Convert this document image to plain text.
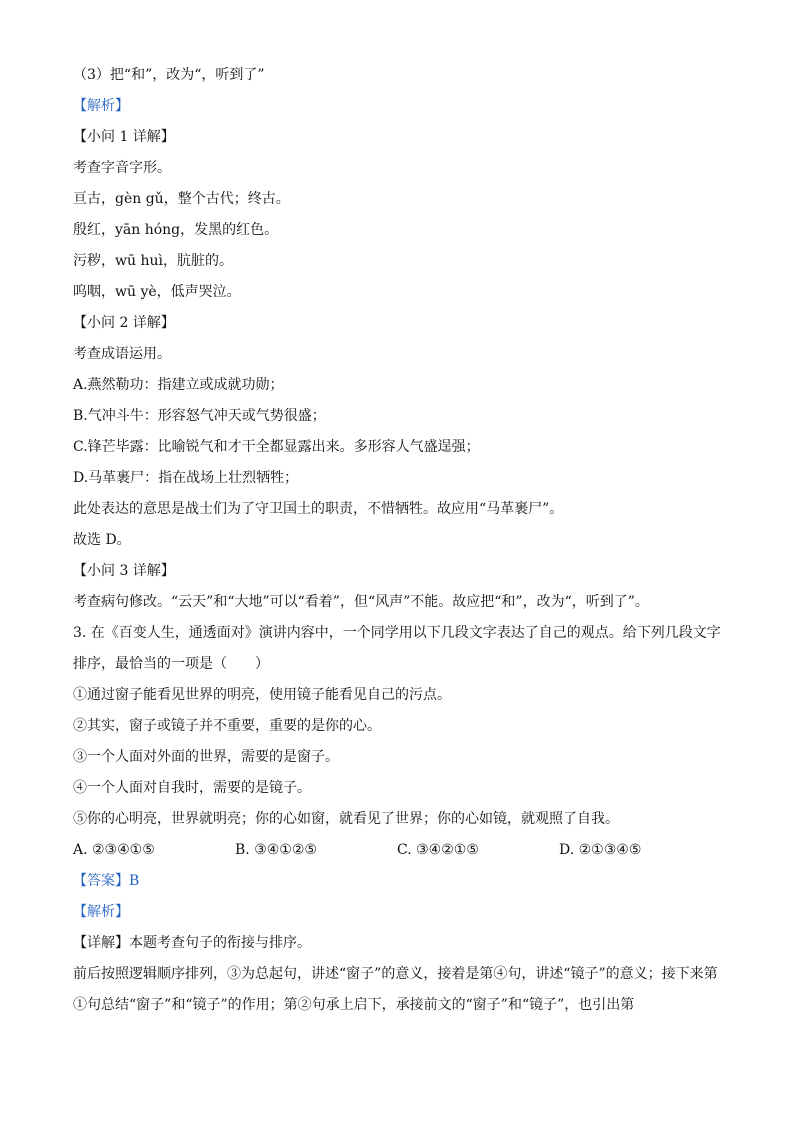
（3）把“和”，改为“，听到了”
【解析】
【小问 1 详解】
考查字音字形。
亘古，gèn gǔ，整个古代；终古。
殷红，yān hóng，发黑的红色。
污秽，wū huì，肮脏的。
呜咽，wū yè，低声哭泣。
【小问 2 详解】
考查成语运用。
A.燕然勒功：指建立或成就功勋；
B.气冲斗牛：形容怒气冲天或气势很盛；
C.锋芒毕露：比喻锐气和才干全都显露出来。多形容人气盛逞强；
D.马革裹尸：指在战场上壮烈牺牲；
此处表达的意思是战士们为了守卫国土的职责，不惜牺牲。故应用“马革裹尸”。
故选 D。
【小问 3 详解】
考查病句修改。“云天”和“大地”可以“看着”，但“风声”不能。故应把“和”，改为“，听到了”。
3. 在《百变人生，通透面对》演讲内容中，一个同学用以下几段文字表达了自己的观点。给下列几段文字排序，最恰当的一项是（　　）
①通过窗子能看见世界的明亮，使用镜子能看见自己的污点。
②其实，窗子或镜子并不重要，重要的是你的心。
③一个人面对外面的世界，需要的是窗子。
④一个人面对自我时，需要的是镜子。
⑤你的心明亮，世界就明亮；你的心如窗，就看见了世界；你的心如镜，就观照了自我。
A. ②③④①⑤	B. ③④①②⑤	C. ③④②①⑤	D. ②①③④⑤
【答案】B
【解析】
【详解】本题考查句子的衔接与排序。
前后按照逻辑顺序排列，③为总起句，讲述“窗子”的意义，接着是第④句，讲述“镜子”的意义；接下来第①句总结“窗子”和“镜子”的作用；第②句承上启下，承接前文的“窗子”和“镜子”，也引出第
